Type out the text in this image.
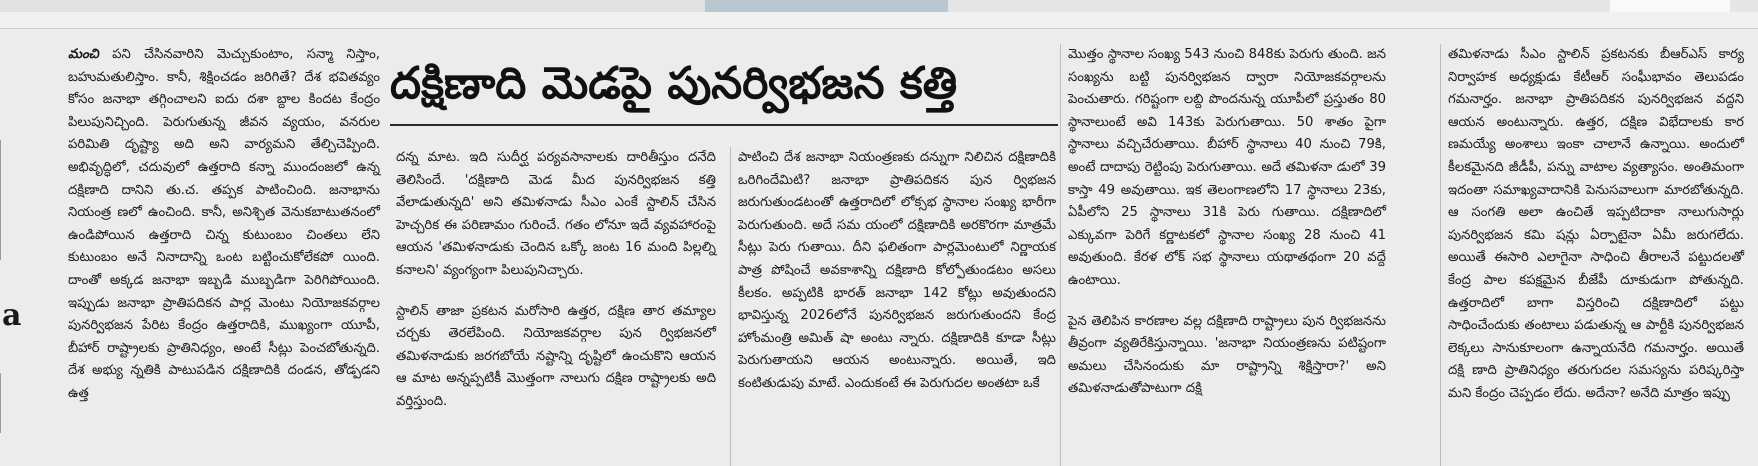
a

మంచి పని చేసినవారిని మెచ్చుకుంటాం, సన్మా నిస్తాం, బహుమతులిస్తాం. కానీ, శిక్షించడం జరిగితే? దేశ భవితవ్యం కోసం జనాభా తగ్గించాలని ఐదు దశా బ్దాల కిందట కేంద్రం పిలుపునిచ్చింది. పెరుగుతున్న జీవన వ్యయం, వనరుల పరిమితి దృష్ట్యా అది అని వార్యమని తేల్చిచెప్పింది. అభివృద్ధిలో, చదువులో ఉత్తరాది కన్నా ముందంజలో ఉన్న దక్షిణాది దానిని తు.చ. తప్పక పాటించింది. జనాభాను నియంత్ర ణలో ఉంచింది. కానీ, అనిశ్చిత వెనుకబాటుతనంలో ఉండిపోయిన ఉత్తరాది చిన్న కుటుంబం చింతలు లేని కుటుంబం అనే నినాదాన్ని ఒంట బట్టించుకోలేకపో యింది. దాంతో అక్కడ జనాభా ఇబ్బడి ముబ్బడిగా పెరిగిపోయింది. ఇప్పుడు జనాభా ప్రాతిపదికన పార్ల మెంటు నియోజకవర్గాల పునర్విభజన పేరిట కేంద్రం ఉత్తరాదికి, ముఖ్యంగా యూపీ, బీహార్ రాష్ట్రాలకు ప్రాతినిధ్యం, అంటే సీట్లు పెంచబోతున్నది. దేశ అభ్యు న్నతికి పాటుపడిన దక్షిణాదికి దండన, తోడ్పడని ఉత్త

దక్షిణాది మెడపై పునర్విభజన కత్తి

దన్న మాట. ఇది సుదీర్ఘ పర్యవసానాలకు దారితీస్తుం దనేది తెలిసిందే. 'దక్షిణాది మెడ మీద పునర్విభజన కత్తి వేలాడుతున్నది' అని తమిళనాడు సీఎం ఎంకే స్టాలిన్ చేసిన హెచ్చరిక ఈ పరిణామం గురించే. గతం లోనూ ఇదే వ్యవహారంపై ఆయన 'తమిళనాడుకు చెందిన ఒక్కో జంట 16 మంది పిల్లల్ని కనాలని' వ్యంగ్యంగా పిలుపునిచ్చారు.

స్టాలిన్ తాజా ప్రకటన మరోసారి ఉత్తర, దక్షిణ తార తమ్యాల చర్చకు తెరలేపింది. నియోజకవర్గాల పున ర్విభజనలో తమిళనాడుకు జరగబోయే నష్టాన్ని దృష్టిలో ఉంచుకొని ఆయన ఆ మాట అన్నప్పటికీ మొత్తంగా నాలుగు దక్షిణ రాష్ట్రాలకు అది వర్తిస్తుంది.

పాటించి దేశ జనాభా నియంత్రణకు దన్నుగా నిలిచిన దక్షిణాదికి ఒరిగిందేమిటి? జనాభా ప్రాతిపదికన పున ర్విభజన జరుగుతుండటంతో ఉత్తరాదిలో లోక్సభ స్థానాల సంఖ్య భారీగా పెరుగుతుంది. అదే సమ యంలో దక్షిణాదికి అరకొరగా మాత్రమే సీట్లు పెరు గుతాయి. దీని ఫలితంగా పార్లమెంటులో నిర్ణాయక పాత్ర పోషించే అవకాశాన్ని దక్షిణాది కోల్పోతుండటం అసలు కీలకం. అప్పటికి భారత్ జనాభా 142 కోట్లు అవుతుందని భావిస్తున్న 2026లోనే పునర్విభజన జరుగుతుందని కేంద్ర హోంమంత్రి అమిత్ షా అంటు న్నారు. దక్షిణాదికి కూడా సీట్లు పెరుగుతాయని ఆయన అంటున్నారు. అయితే, ఇది కంటితుడుపు మాటే. ఎందుకంటే ఈ పెరుగుదల అంతటా ఒకే

మొత్తం స్థానాల సంఖ్య 543 నుంచి 848కు పెరుగు తుంది. జన సంఖ్యను బట్టి పునర్విభజన ద్వారా నియోజకవర్గాలను పెంచుతారు. గరిష్టంగా లబ్ది పొందనున్న యూపీలో ప్రస్తుతం 80 స్థానాలుంటే అవి 143కు పెరుగుతాయి. 50 శాతం పైగా స్థానాలు వచ్చిచేరుతాయి. బీహార్ స్థానాలు 40 నుంచి 79కి, అంటే దాదాపు రెట్టింపు పెరుగుతాయి. అదే తమిళనా డులో 39 కాస్తా 49 అవుతాయి. ఇక తెలంగాణలోని 17 స్థానాలు 23కు, ఏపీలోని 25 స్థానాలు 31కి పెరు గుతాయి. దక్షిణాదిలో ఎక్కువగా పెరిగే కర్ణాటకలో స్థానాల సంఖ్య 28 నుంచి 41 అవుతుంది. కేరళ లోక్ సభ స్థానాలు యథాతథంగా 20 వద్దే ఉంటాయి.

పైన తెలిపిన కారణాల వల్ల దక్షిణాది రాష్ట్రాలు పున ర్విభజనను తీవ్రంగా వ్యతిరేకిస్తున్నాయి. 'జనాభా నియంత్రణను పటిష్టంగా అమలు చేసినందుకు మా రాష్ట్రాన్ని శిక్షిస్తారా?' అని తమిళనాడుతోపాటుగా దక్షి

తమిళనాడు సీఎం స్టాలిన్ ప్రకటనకు బీఆర్ఎస్ కార్య నిర్వాహక అధ్యక్షుడు కేటీఆర్ సంఘీభావం తెలుపడం గమనార్హం. జనాభా ప్రాతిపదికన పునర్విభజన వద్దని ఆయన అంటున్నారు. ఉత్తర, దక్షిణ విభేదాలకు కార ణమయ్యే అంశాలు ఇంకా చాలానే ఉన్నాయి. అందులో కీలకమైనది జీడీపీ, పన్ను వాటాల వ్యత్యాసం. అంతిమంగా ఇదంతా సమాఖ్యవాదానికి పెనుసవాలుగా మారబోతున్నది. ఆ సంగతి అలా ఉంచితే ఇప్పటిదాకా నాలుగుసార్లు పునర్విభజన కమి షన్లు ఏర్పాటైనా ఏమీ జరుగలేదు. అయితే ఈసారి ఎలాగైనా సాధించి తీరాలనే పట్టుదలతో కేంద్ర పాల కపక్షమైన బీజేపీ దూకుడుగా పోతున్నది. ఉత్తరాదిలో బాగా విస్తరించి దక్షిణాదిలో పట్టు సాధించేందుకు తంటాలు పడుతున్న ఆ పార్టీకి పునర్విభజన లెక్కలు సానుకూలంగా ఉన్నాయనేది గమనార్హం. అయితే దక్షి ణాది ప్రాతినిధ్యం తరుగుదల సమస్యను పరిష్కరిస్తా మని కేంద్రం చెప్పడం లేదు. అదేనా? అనేది మాత్రం ఇప్పు
